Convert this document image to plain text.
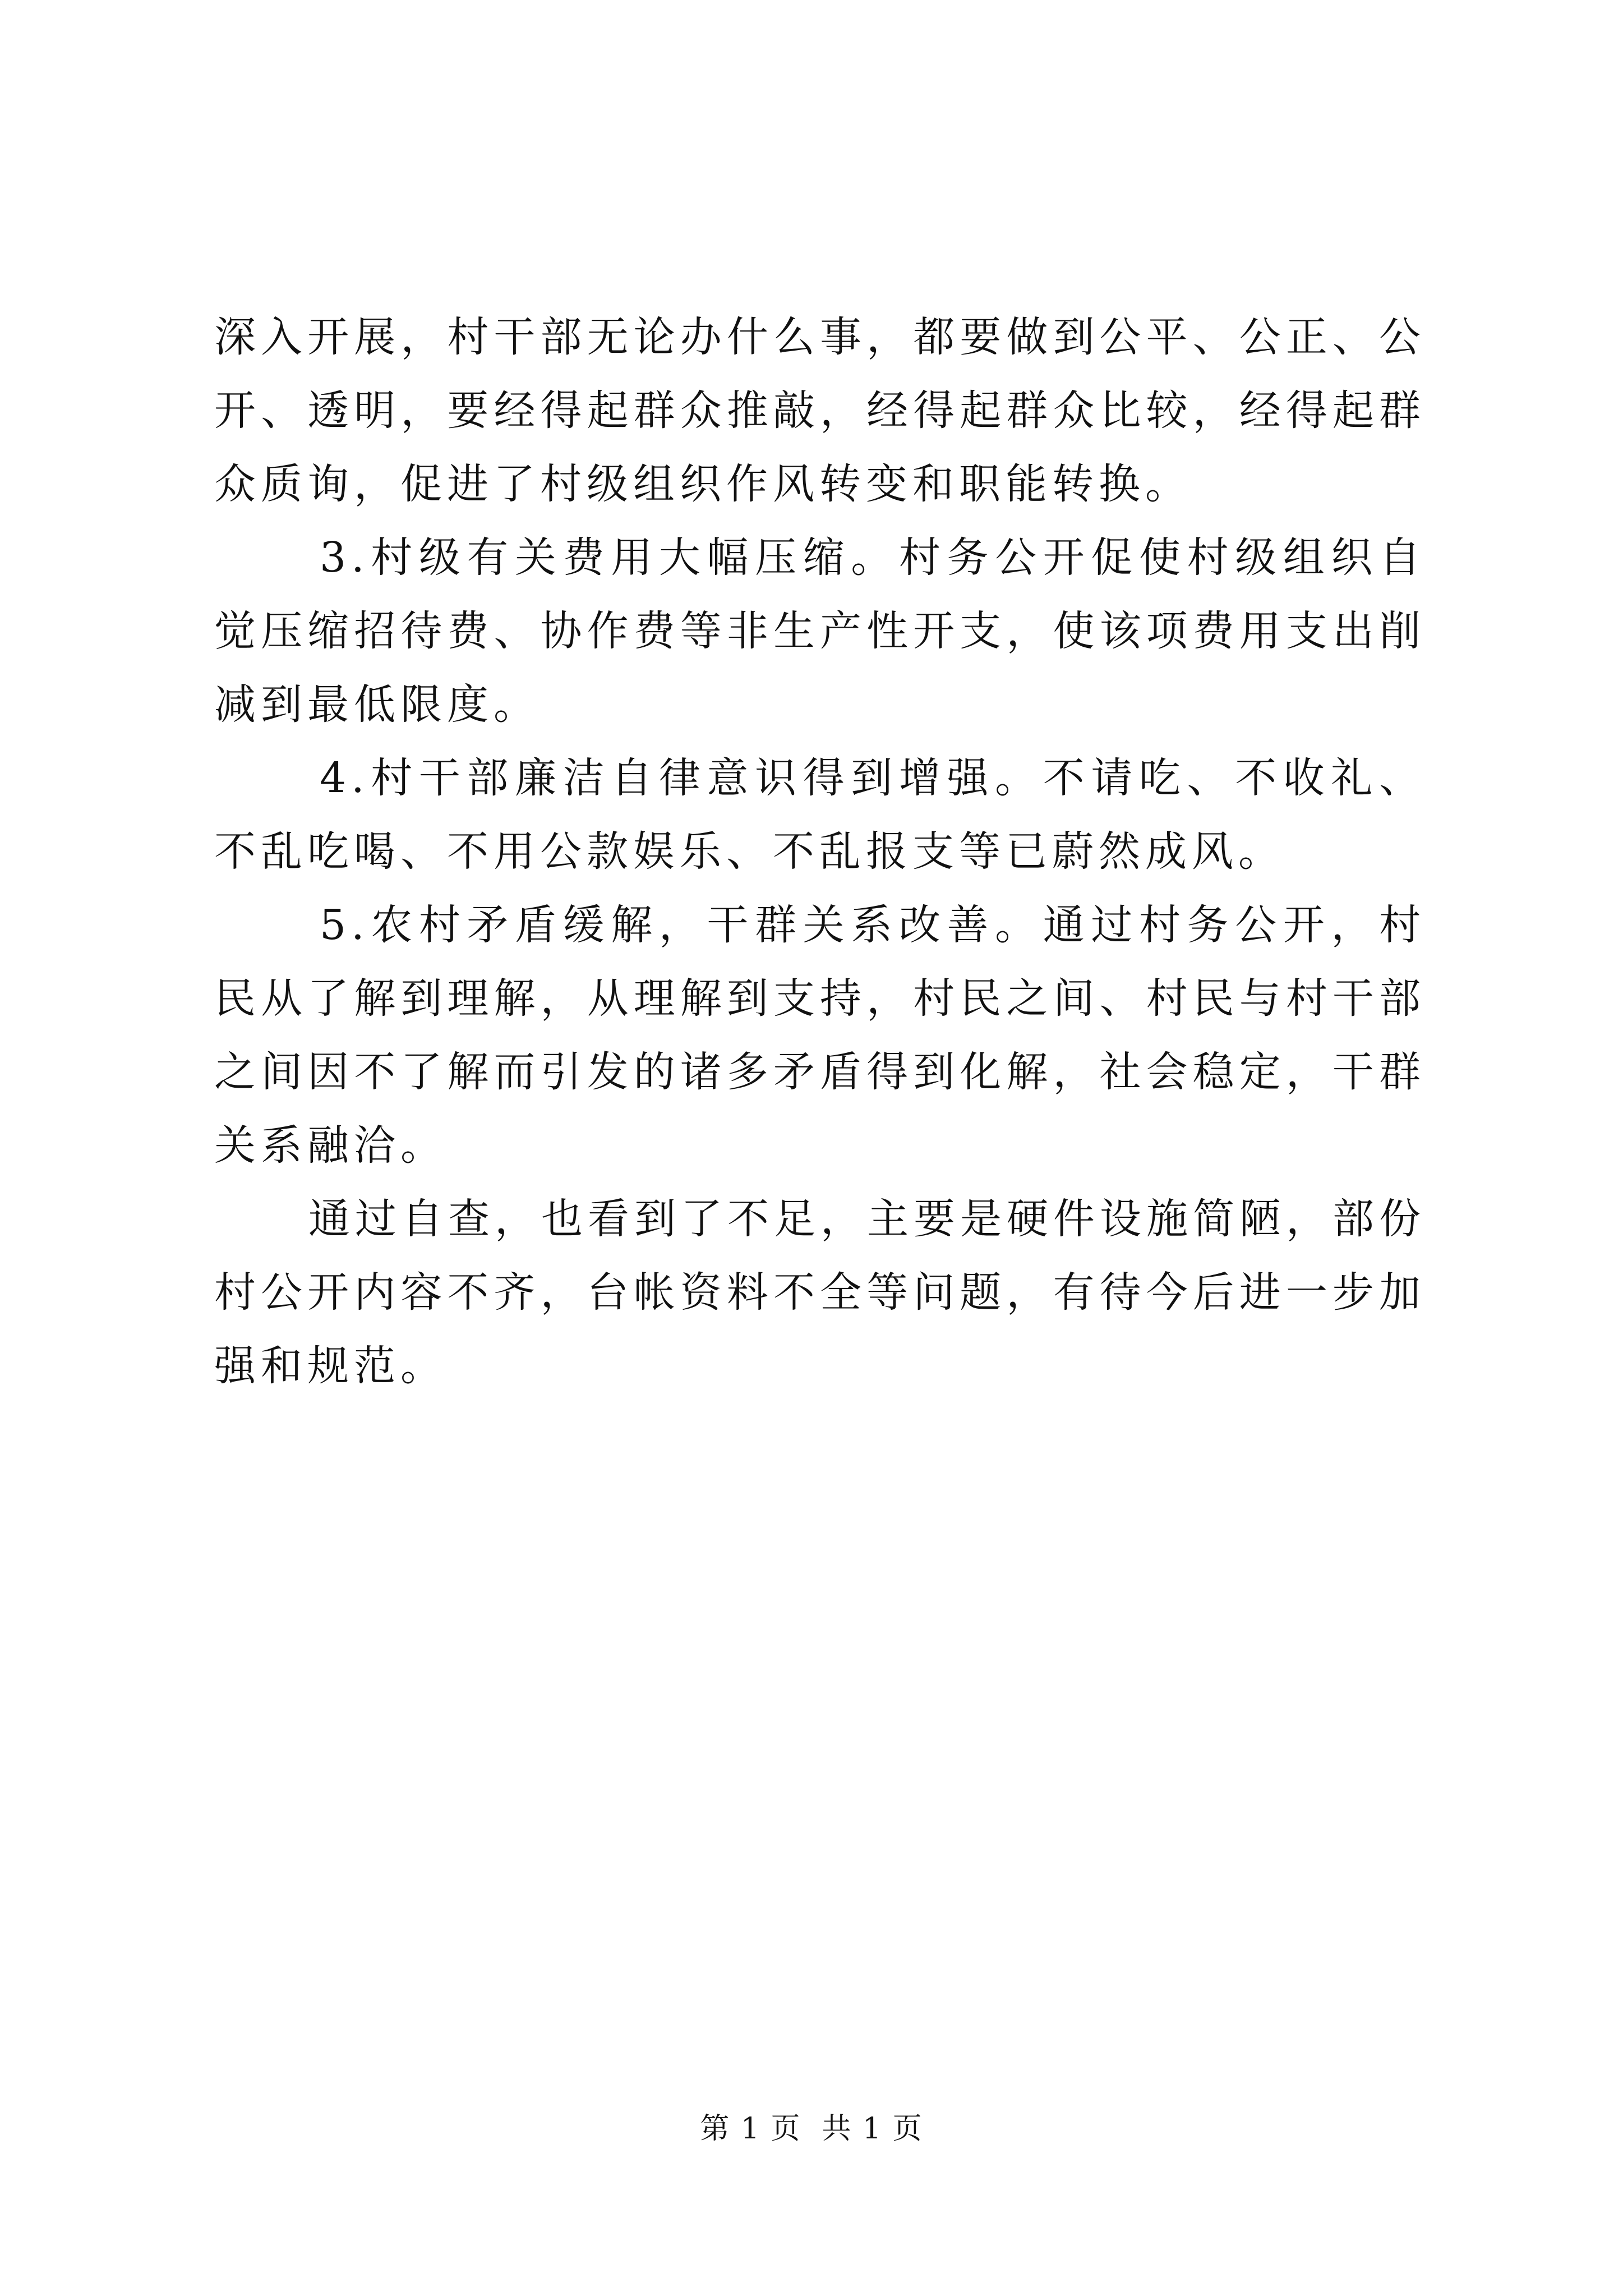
深入开展，村干部无论办什么事，都要做到公平、公正、公开、透明，要经得起群众推敲，经得起群众比较，经得起群众质询，促进了村级组织作风转变和职能转换。

3.村级有关费用大幅压缩。村务公开促使村级组织自觉压缩招待费、协作费等非生产性开支，使该项费用支出削减到最低限度。

4.村干部廉洁自律意识得到增强。不请吃、不收礼、不乱吃喝、不用公款娱乐、不乱报支等已蔚然成风。

5.农村矛盾缓解，干群关系改善。通过村务公开，村民从了解到理解，从理解到支持，村民之间、村民与村干部之间因不了解而引发的诸多矛盾得到化解，社会稳定，干群关系融洽。

通过自查，也看到了不足，主要是硬件设施简陋，部份村公开内容不齐，台帐资料不全等问题，有待今后进一步加强和规范。

第 1 页 共 1 页
